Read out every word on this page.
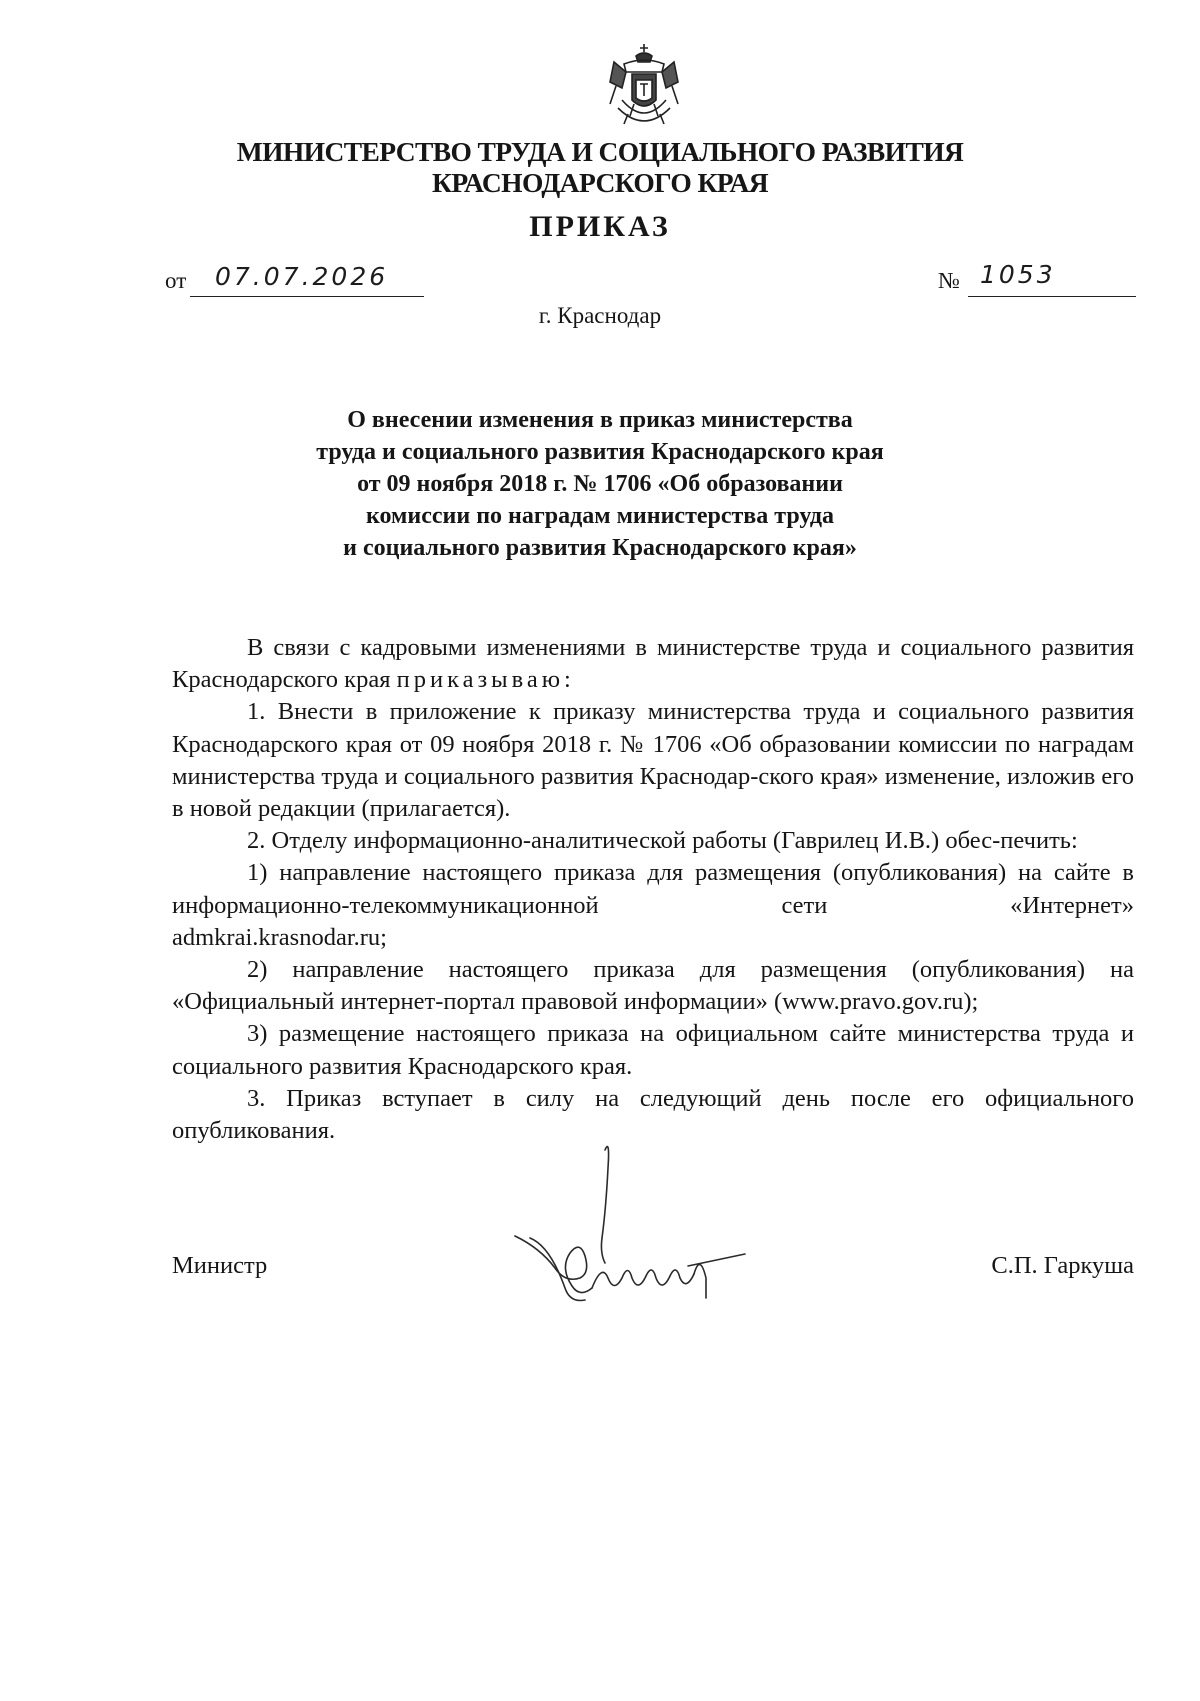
МИНИСТЕРСТВО ТРУДА И СОЦИАЛЬНОГО РАЗВИТИЯ
КРАСНОДАРСКОГО КРАЯ
ПРИКАЗ
от 07.07.2026	№ 1053
г. Краснодар
О внесении изменения в приказ министерства
труда и социального развития Краснодарского края
от 09 ноября 2018 г. № 1706 «Об образовании
комиссии по наградам министерства труда
и социального развития Краснодарского края»

В связи с кадровыми изменениями в министерстве труда и социального развития Краснодарского края приказываю:

1. Внести в приложение к приказу министерства труда и социального развития Краснодарского края от 09 ноября 2018 г. № 1706 «Об образовании комиссии по наградам министерства труда и социального развития Краснодар-ского края» изменение, изложив его в новой редакции (прилагается).

2. Отделу информационно-аналитической работы (Гаврилец И.В.) обес-печить:

1) направление настоящего приказа для размещения (опубликования) на сайте в информационно-телекоммуникационной сети «Интернет»

admkrai.krasnodar.ru;

2) направление настоящего приказа для размещения (опубликования) на «Официальный интернет-портал правовой информации» (www.pravo.gov.ru);

3) размещение настоящего приказа на официальном сайте министерства труда и социального развития Краснодарского края.

3. Приказ вступает в силу на следующий день после его официального опубликования.

Министр	С.П. Гаркуша
